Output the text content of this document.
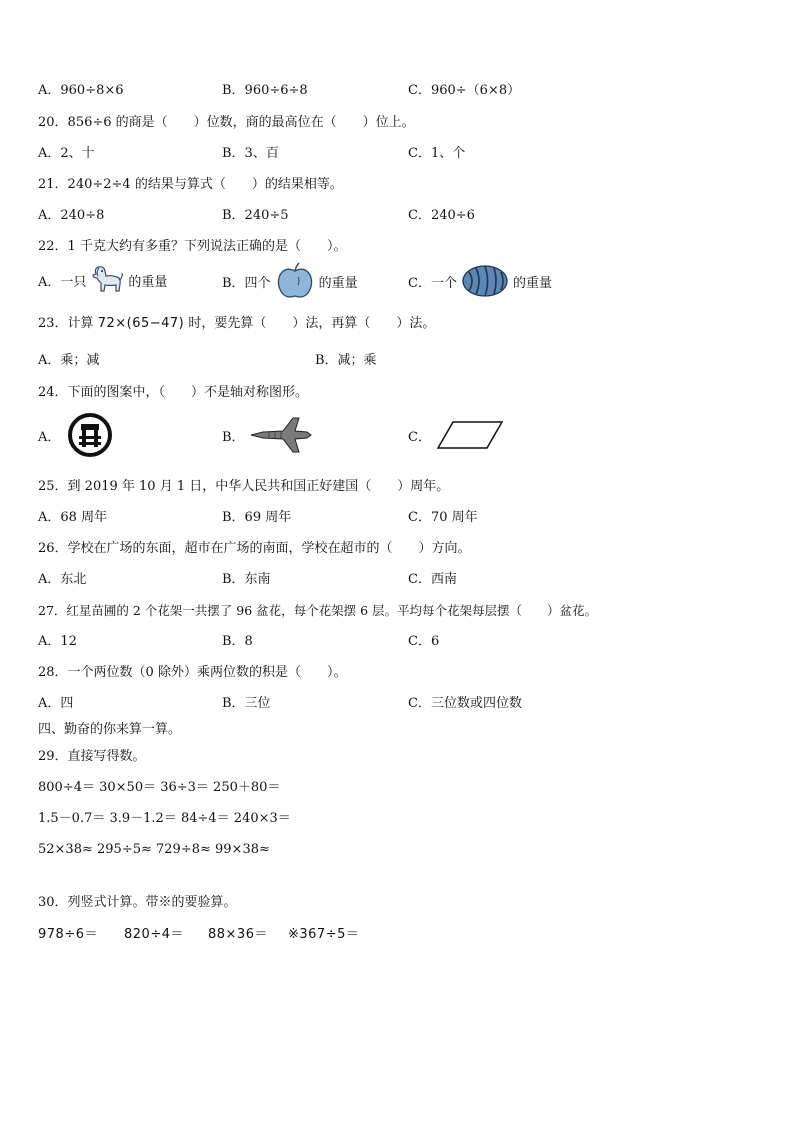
A．960÷8×6	B．960÷6÷8	C．960÷（6×8）
20．856÷6 的商是（　　）位数，商的最高位在（　　）位上。
A．2、十	B．3、百	C．1、个
21．240÷2÷4 的结果与算式（　　）的结果相等。
A．240÷8	B．240÷5	C．240÷6
22．1 千克大约有多重？下列说法正确的是（　　）。
A．一只	的重量	B．四个	的重量	C．一个	的重量
23．计算 72×(65−47) 时，要先算（　　）法，再算（　　）法。
A．乘；减	B．减；乘
24．下面的图案中，（　　）不是轴对称图形。
A．	B．	C．
25．到 2019 年 10 月 1 日，中华人民共和国正好建国（　　）周年。
A．68 周年	B．69 周年	C．70 周年
26．学校在广场的东面，超市在广场的南面，学校在超市的（　　）方向。
A．东北	B．东南	C．西南
27．红星苗圃的 2 个花架一共摆了 96 盆花，每个花架摆 6 层。平均每个花架每层摆（　　）盆花。
A．12	B．8	C．6
28．一个两位数（0 除外）乘两位数的积是（　　）。
A．四	B．三位	C．三位数或四位数
四、勤奋的你来算一算。
29．直接写得数。
800÷4＝ 30×50＝ 36÷3＝ 250＋80＝
1.5－0.7＝ 3.9－1.2＝ 84÷4＝ 240×3＝
52×38≈ 295÷5≈ 729÷8≈ 99×38≈
30．列竖式计算。带※的要验算。
978÷6＝ 820÷4＝ 88×36＝ ※367÷5＝
